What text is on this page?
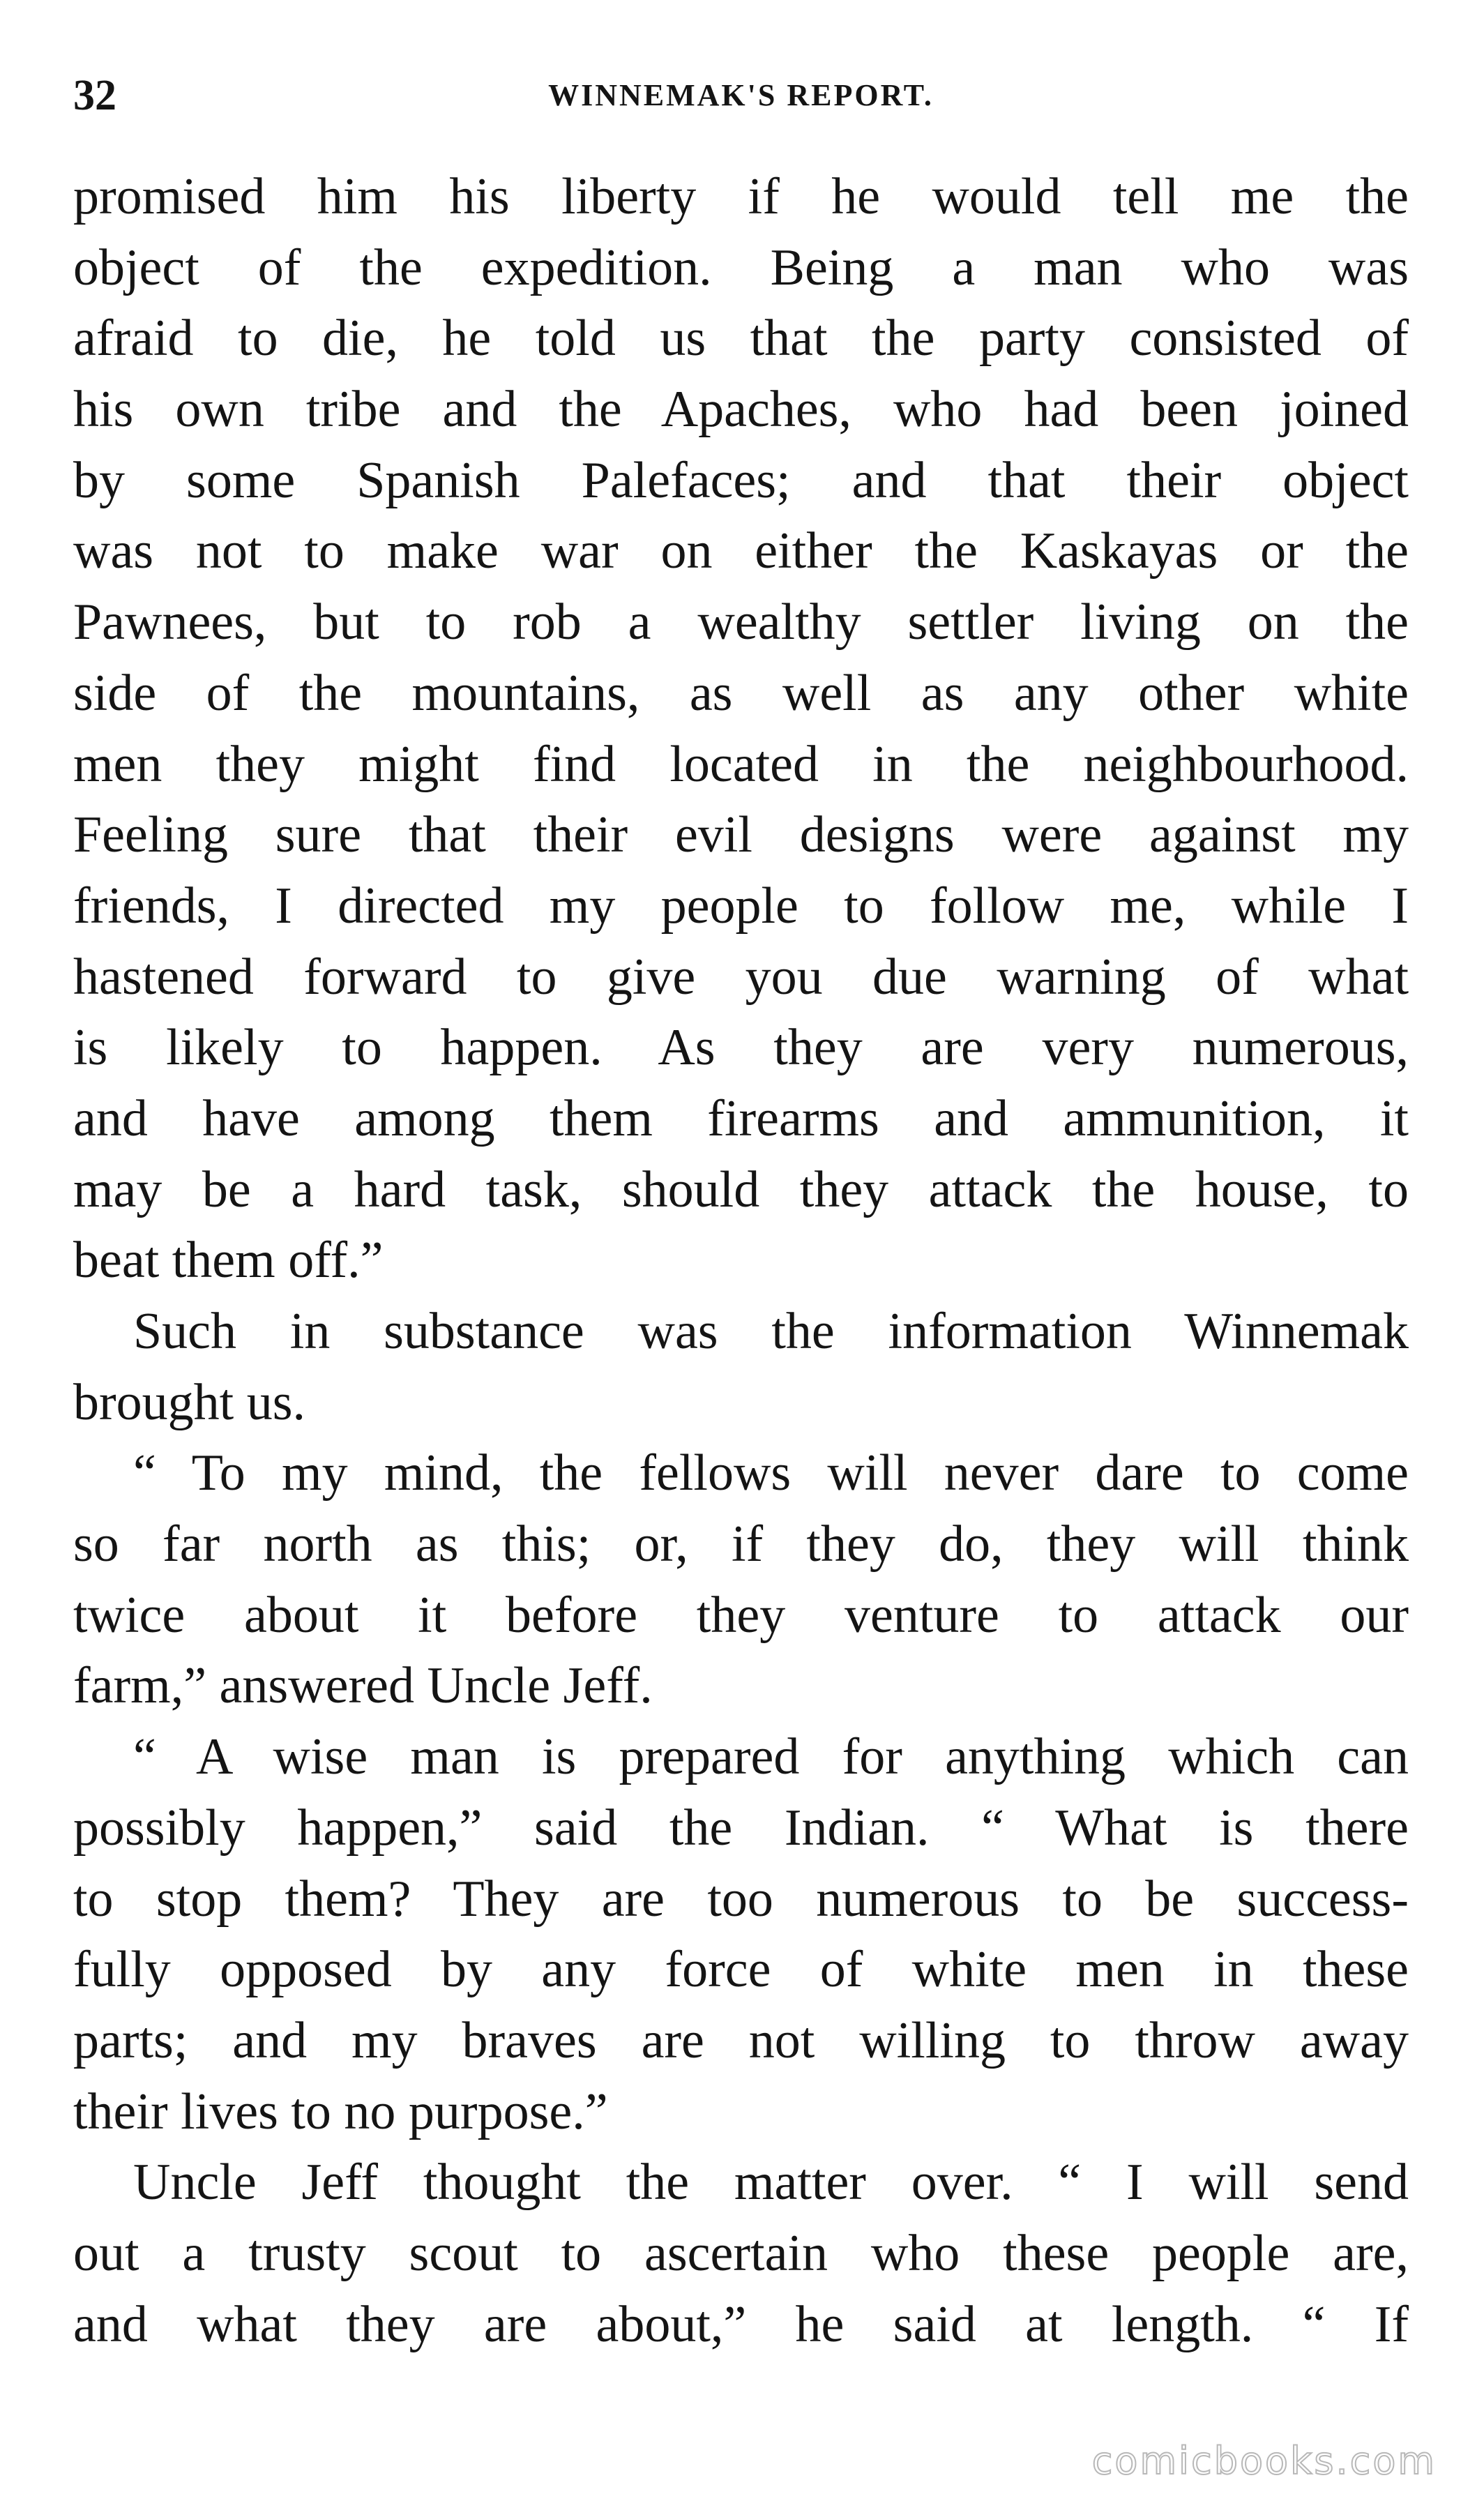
32	WINNEMAK'S REPORT.
promised him his liberty if he would tell me the
object of the expedition. Being a man who was
afraid to die, he told us that the party consisted of
his own tribe and the Apaches, who had been joined
by some Spanish Palefaces; and that their object
was not to make war on either the Kaskayas or the
Pawnees, but to rob a wealthy settler living on the
side of the mountains, as well as any other white
men they might find located in the neighbourhood.
Feeling sure that their evil designs were against my
friends, I directed my people to follow me, while I
hastened forward to give you due warning of what
is likely to happen. As they are very numerous,
and have among them firearms and ammunition, it
may be a hard task, should they attack the house, to
beat them off.”
Such in substance was the information Winnemak
brought us.
“ To my mind, the fellows will never dare to come
so far north as this; or, if they do, they will think
twice about it before they venture to attack our
farm,” answered Uncle Jeff.
“ A wise man is prepared for anything which can
possibly happen,” said the Indian. “ What is there
to stop them? They are too numerous to be success-
fully opposed by any force of white men in these
parts; and my braves are not willing to throw away
their lives to no purpose.”
Uncle Jeff thought the matter over. “ I will send
out a trusty scout to ascertain who these people are,
and what they are about,” he said at length. “ If
comicbooks.com
